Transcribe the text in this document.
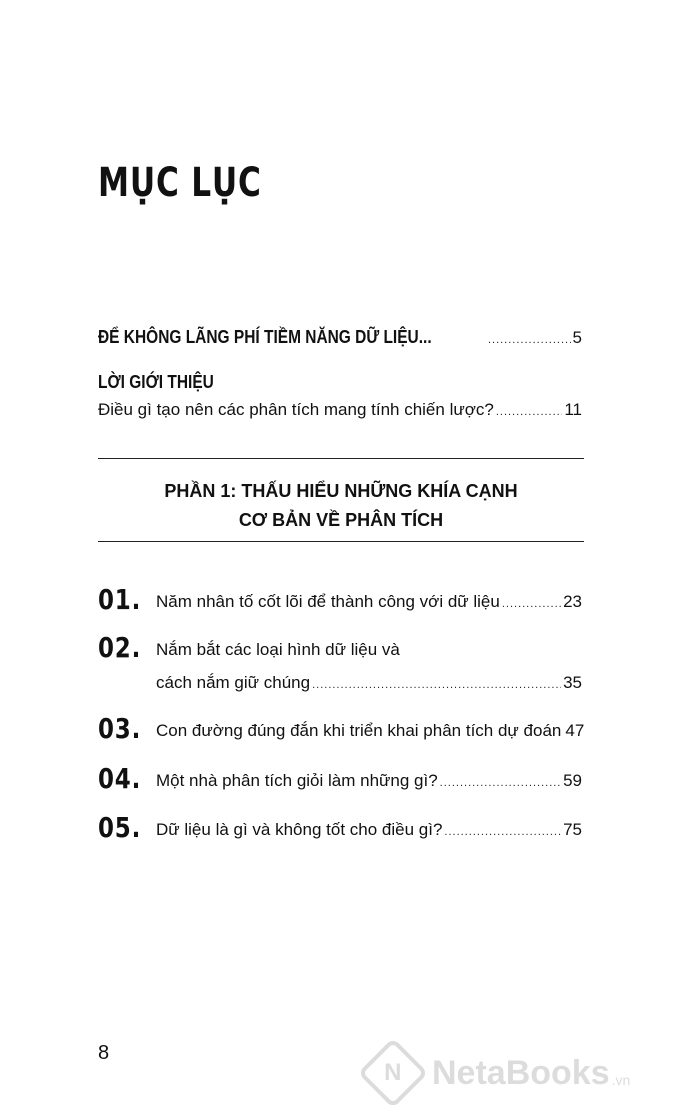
MỤC LỤC
ĐỂ KHÔNG LÃNG PHÍ TIỀM NĂNG DỮ LIỆU... .....	5
LỜI GIỚI THIỆU
Điều gì tạo nên các phân tích mang tính chiến lược? .....	11
PHẦN 1: THẤU HIỂU NHỮNG KHÍA CẠNH
CƠ BẢN VỀ PHÂN TÍCH
01. Năm nhân tố cốt lõi để thành công với dữ liệu .....	23
02. Nắm bắt các loại hình dữ liệu và
cách nắm giữ chúng .....	35
03. Con đường đúng đắn khi triển khai phân tích dự đoán 47
04. Một nhà phân tích giỏi làm những gì? .....	59
05. Dữ liệu là gì và không tốt cho điều gì? .....	75
8
N NetaBooks .vn
